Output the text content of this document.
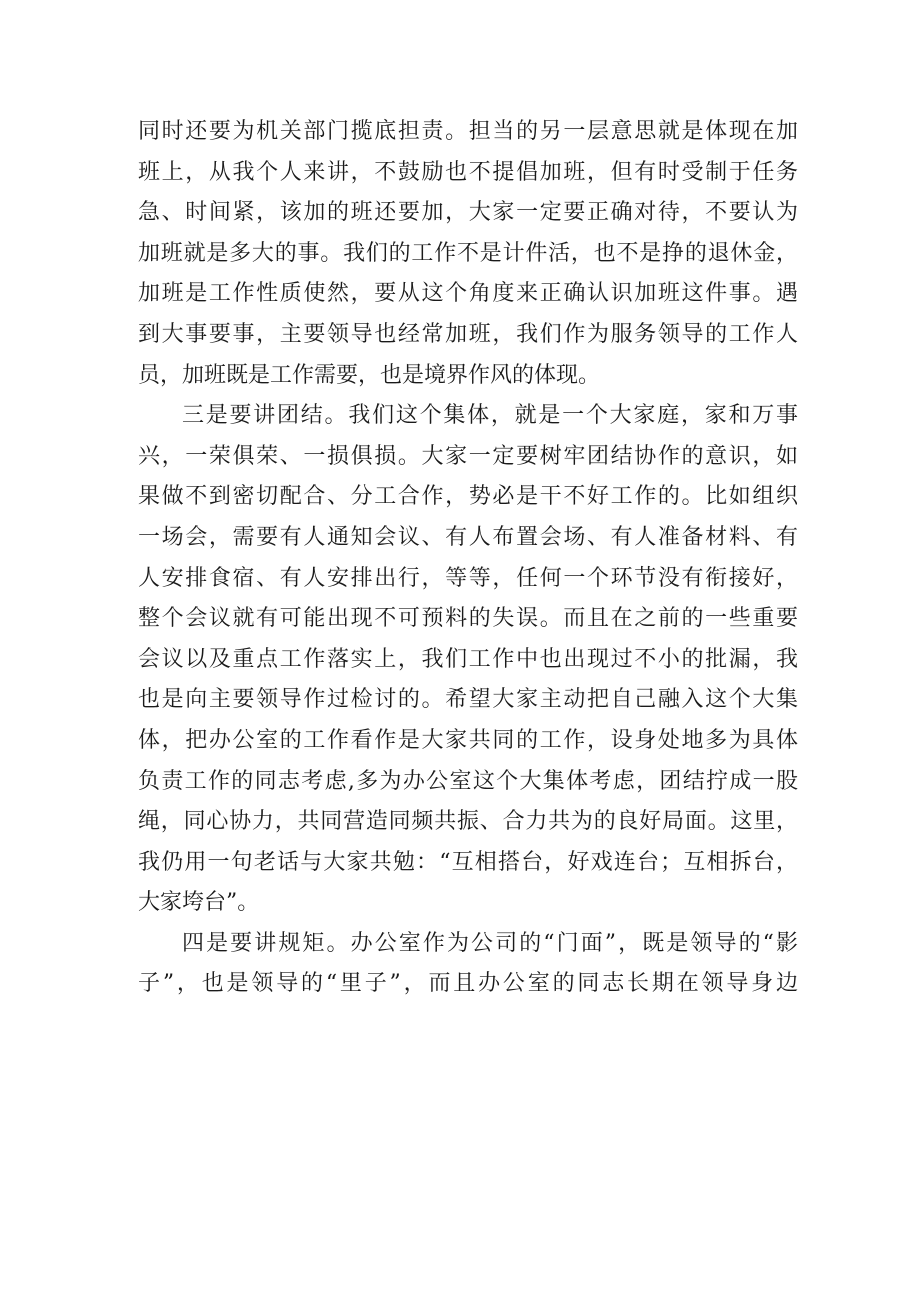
同时还要为机关部门揽底担责。担当的另一层意思就是体现在加
班上，从我个人来讲，不鼓励也不提倡加班，但有时受制于任务
急、时间紧，该加的班还要加，大家一定要正确对待，不要认为
加班就是多大的事。我们的工作不是计件活，也不是挣的退休金，
加班是工作性质使然，要从这个角度来正确认识加班这件事。遇
到大事要事，主要领导也经常加班，我们作为服务领导的工作人
员，加班既是工作需要，也是境界作风的体现。
三是要讲团结。我们这个集体，就是一个大家庭，家和万事
兴，一荣俱荣、一损俱损。大家一定要树牢团结协作的意识，如
果做不到密切配合、分工合作，势必是干不好工作的。比如组织
一场会，需要有人通知会议、有人布置会场、有人准备材料、有
人安排食宿、有人安排出行，等等，任何一个环节没有衔接好，
整个会议就有可能出现不可预料的失误。而且在之前的一些重要
会议以及重点工作落实上，我们工作中也出现过不小的批漏，我
也是向主要领导作过检讨的。希望大家主动把自己融入这个大集
体，把办公室的工作看作是大家共同的工作，设身处地多为具体
负责工作的同志考虑,多为办公室这个大集体考虑，团结拧成一股
绳，同心协力，共同营造同频共振、合力共为的良好局面。这里，
我仍用一句老话与大家共勉：“互相搭台，好戏连台；互相拆台，
大家垮台”。
四是要讲规矩。办公室作为公司的“门面”，既是领导的“影
子”，也是领导的“里子”，而且办公室的同志长期在领导身边
